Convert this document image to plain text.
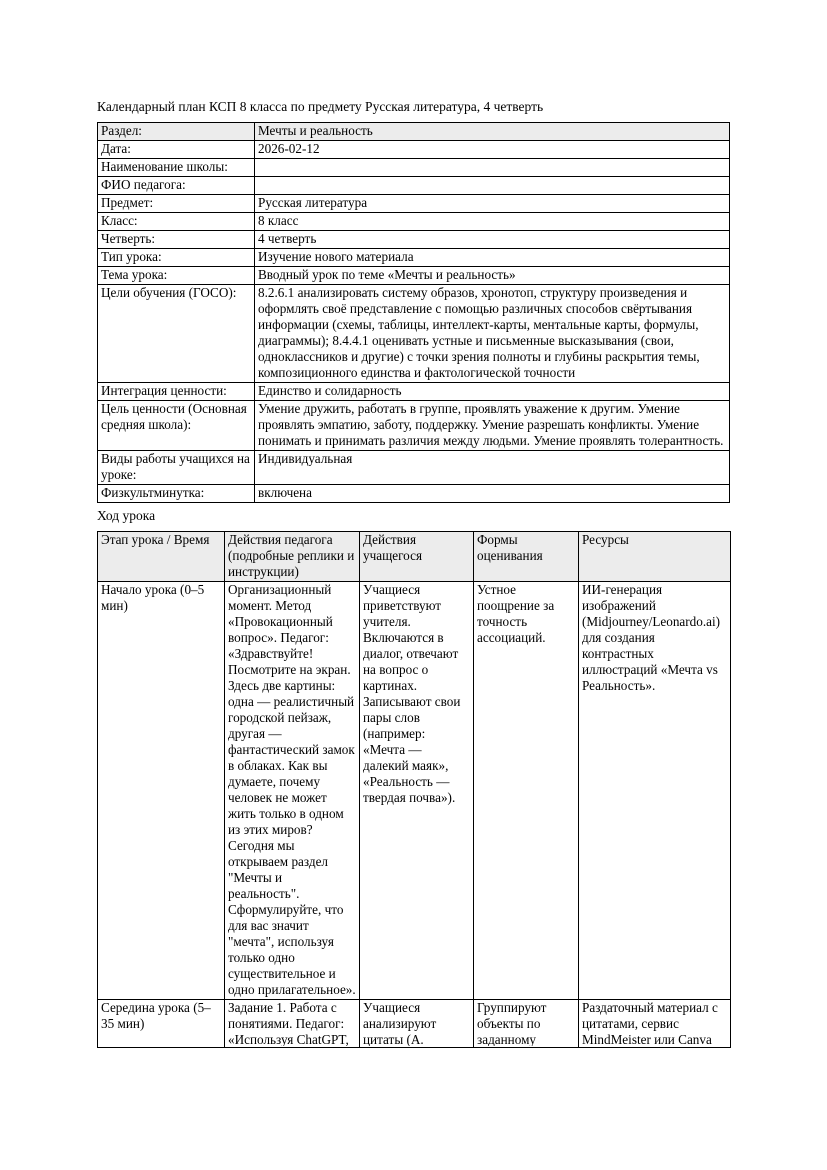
Календарный план КСП 8 класса по предмету Русская литература, 4 четверть

Раздел:	Мечты и реальность
Дата:	2026-02-12
Наименование школы:	
ФИО педагога:	
Предмет:	Русская литература
Класс:	8 класс
Четверть:	4 четверть
Тип урока:	Изучение нового материала
Тема урока:	Вводный урок по теме «Мечты и реальность»
Цели обучения (ГОСО):	8.2.6.1 анализировать систему образов, хронотоп, структуру произведения и оформлять своё представление с помощью различных способов свёртывания информации (схемы, таблицы, интеллект-карты, ментальные карты, формулы, диаграммы); 8.4.4.1 оценивать устные и письменные высказывания (свои, одноклассников и другие) с точки зрения полноты и глубины раскрытия темы, композиционного единства и фактологической точности
Интеграция ценности:	Единство и солидарность
Цель ценности (Основная средняя школа):	Умение дружить, работать в группе, проявлять уважение к другим. Умение проявлять эмпатию, заботу, поддержку. Умение разрешать конфликты. Умение понимать и принимать различия между людьми. Умение проявлять толерантность.
Виды работы учащихся на уроке:	Индивидуальная
Физкультминутка:	включена

Ход урока

Этап урока / Время	Действия педагога (подробные реплики и инструкции)	Действия учащегося	Формы оценивания	Ресурсы
Начало урока (0–5 мин)	Организационный момент. Метод «Провокационный вопрос». Педагог: «Здравствуйте! Посмотрите на экран. Здесь две картины: одна — реалистичный городской пейзаж, другая — фантастический замок в облаках. Как вы думаете, почему человек не может жить только в одном из этих миров? Сегодня мы открываем раздел "Мечты и реальность". Сформулируйте, что для вас значит "мечта", используя только одно существительное и одно прилагательное».	Учащиеся приветствуют учителя. Включаются в диалог, отвечают на вопрос о картинах. Записывают свои пары слов (например: «Мечта — далекий маяк», «Реальность — твердая почва»).	Устное поощрение за точность ассоциаций.	ИИ-генерация изображений (Midjourney/Leonardo.ai) для создания контрастных иллюстраций «Мечта vs Реальность».

Середина урока (5–35 мин)	Задание 1. Работа с понятиями. Педагог: «Используя ChatGPT,	Учащиеся анализируют цитаты (А.	Группируют объекты по заданному	Раздаточный материал с цитатами, сервис MindMeister или Canva
